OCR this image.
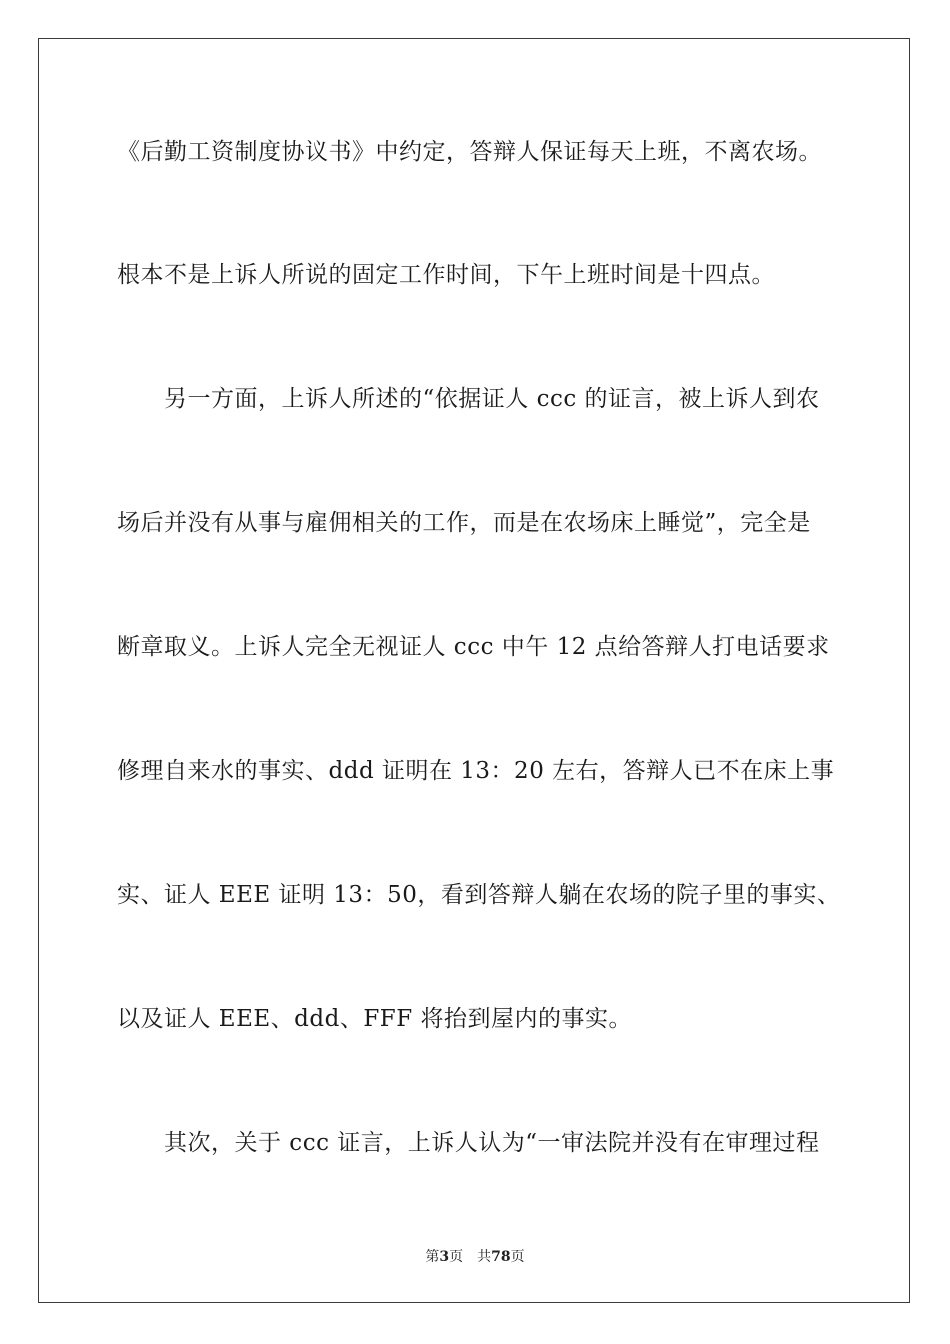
《后勤工资制度协议书》中约定，答辩人保证每天上班，不离农场。
根本不是上诉人所说的固定工作时间，下午上班时间是十四点。
另一方面，上诉人所述的“依据证人 ccc 的证言，被上诉人到农
场后并没有从事与雇佣相关的工作，而是在农场床上睡觉”，完全是
断章取义。上诉人完全无视证人 ccc 中午 12 点给答辩人打电话要求
修理自来水的事实、ddd 证明在 13：20 左右，答辩人已不在床上事
实、证人 EEE 证明 13：50，看到答辩人躺在农场的院子里的事实、
以及证人 EEE、ddd、FFF 将抬到屋内的事实。
其次，关于 ccc 证言，上诉人认为“一审法院并没有在审理过程
第3页 共78页
